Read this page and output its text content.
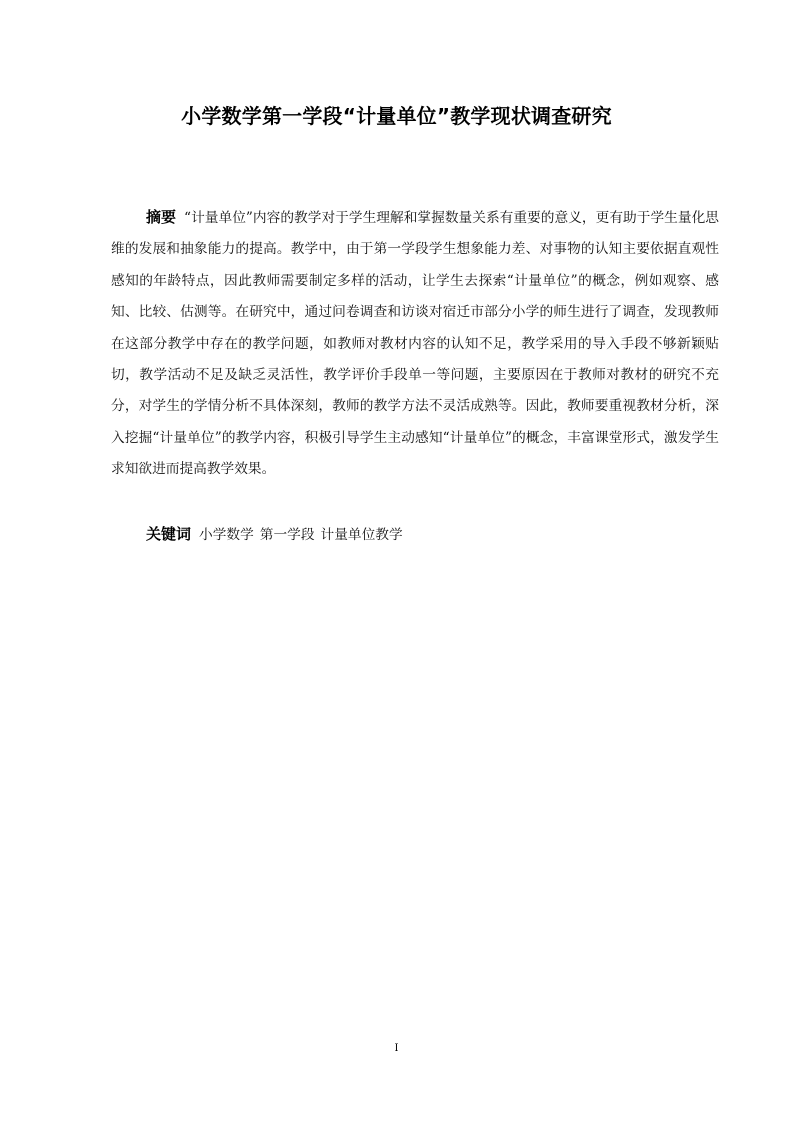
小学数学第一学段“计量单位”教学现状调查研究

摘要 “计量单位”内容的教学对于学生理解和掌握数量关系有重要的意义，更有助于学生量化思维的发展和抽象能力的提高。教学中，由于第一学段学生想象能力差、对事物的认知主要依据直观性感知的年龄特点，因此教师需要制定多样的活动，让学生去探索“计量单位”的概念，例如观察、感知、比较、估测等。在研究中，通过问卷调查和访谈对宿迁市部分小学的师生进行了调查，发现教师在这部分教学中存在的教学问题，如教师对教材内容的认知不足，教学采用的导入手段不够新颖贴切，教学活动不足及缺乏灵活性，教学评价手段单一等问题，主要原因在于教师对教材的研究不充分，对学生的学情分析不具体深刻，教师的教学方法不灵活成熟等。因此，教师要重视教材分析，深入挖掘“计量单位”的教学内容，积极引导学生主动感知“计量单位”的概念，丰富课堂形式，激发学生求知欲进而提高教学效果。

关键词 小学数学 第一学段 计量单位教学

I
